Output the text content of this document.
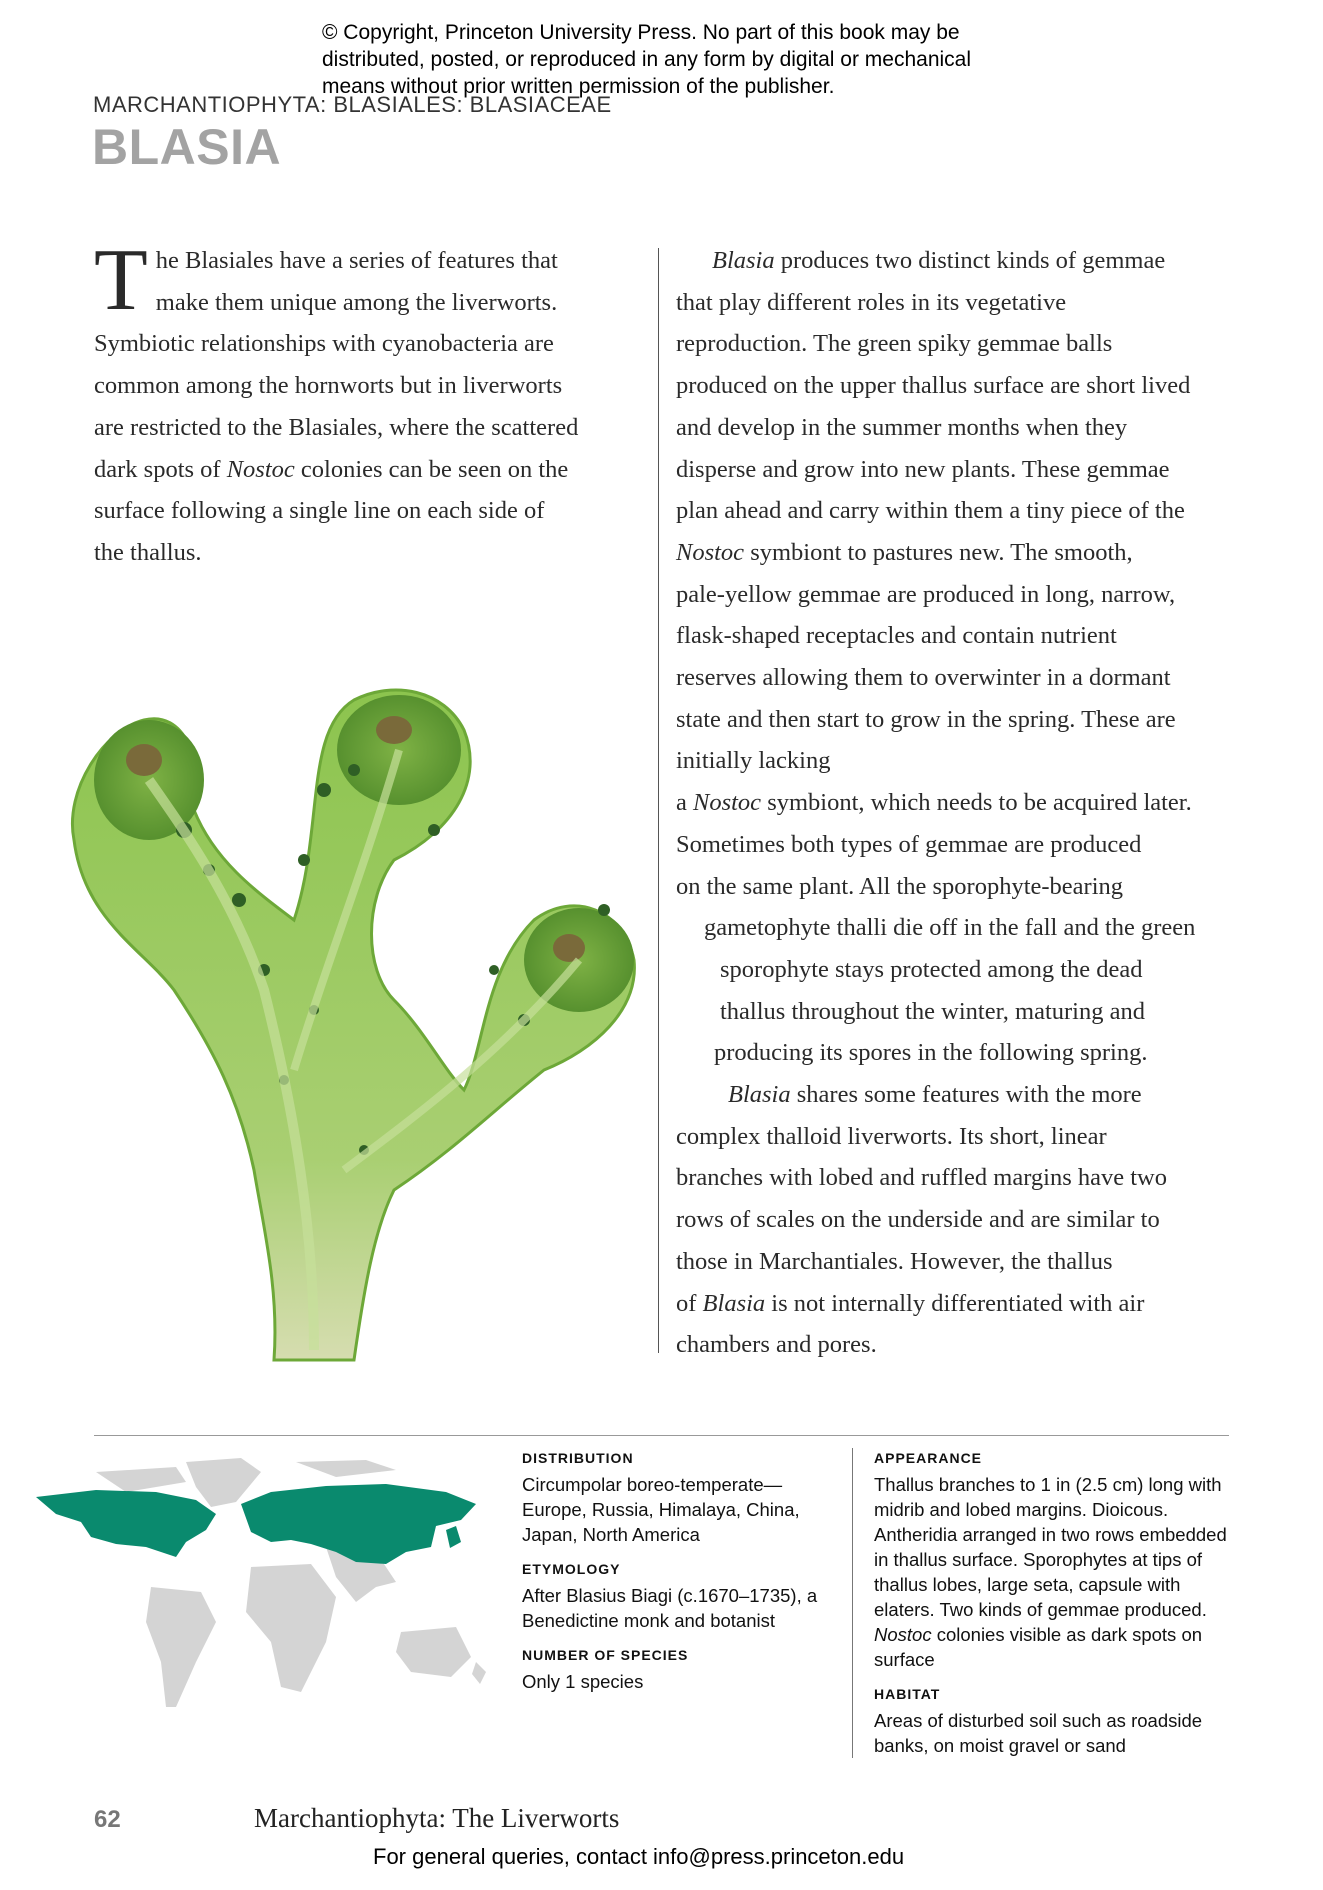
© Copyright, Princeton University Press. No part of this book may be distributed, posted, or reproduced in any form by digital or mechanical means without prior written permission of the publisher.
MARCHANTIOPHYTA: BLASIALES: BLASIACEAE
BLASIA
T he Blasiales have a series of features that
make them unique among the liverworts.
Symbiotic relationships with cyanobacteria are
common among the hornworts but in liverworts
are restricted to the Blasiales, where the scattered
dark spots of Nostoc colonies can be seen on the
surface following a single line on each side of
the thallus.
Blasia produces two distinct kinds of gemmae
that play different roles in its vegetative
reproduction. The green spiky gemmae balls
produced on the upper thallus surface are short lived
and develop in the summer months when they
disperse and grow into new plants. These gemmae
plan ahead and carry within them a tiny piece of the
Nostoc symbiont to pastures new. The smooth,
pale-yellow gemmae are produced in long, narrow,
flask-shaped receptacles and contain nutrient
reserves allowing them to overwinter in a dormant
state and then start to grow in the spring. These are
initially lacking
a Nostoc symbiont, which needs to be acquired later.
Sometimes both types of gemmae are produced
on the same plant. All the sporophyte-bearing
gametophyte thalli die off in the fall and the green
sporophyte stays protected among the dead
thallus throughout the winter, maturing and
producing its spores in the following spring.
Blasia shares some features with the more
complex thalloid liverworts. Its short, linear
branches with lobed and ruffled margins have two
rows of scales on the underside and are similar to
those in Marchantiales. However, the thallus
of Blasia is not internally differentiated with air
chambers and pores.
DISTRIBUTION
Circumpolar boreo-temperate—Europe, Russia, Himalaya, China, Japan, North America
ETYMOLOGY
After Blasius Biagi (c.1670–1735), a Benedictine monk and botanist
NUMBER OF SPECIES
Only 1 species
APPEARANCE
Thallus branches to 1 in (2.5 cm) long with midrib and lobed margins. Dioicous. Antheridia arranged in two rows embedded in thallus surface. Sporophytes at tips of thallus lobes, large seta, capsule with elaters. Two kinds of gemmae produced. Nostoc colonies visible as dark spots on surface
HABITAT
Areas of disturbed soil such as roadside banks, on moist gravel or sand
62	Marchantiophyta: The Liverworts
For general queries, contact info@press.princeton.edu
